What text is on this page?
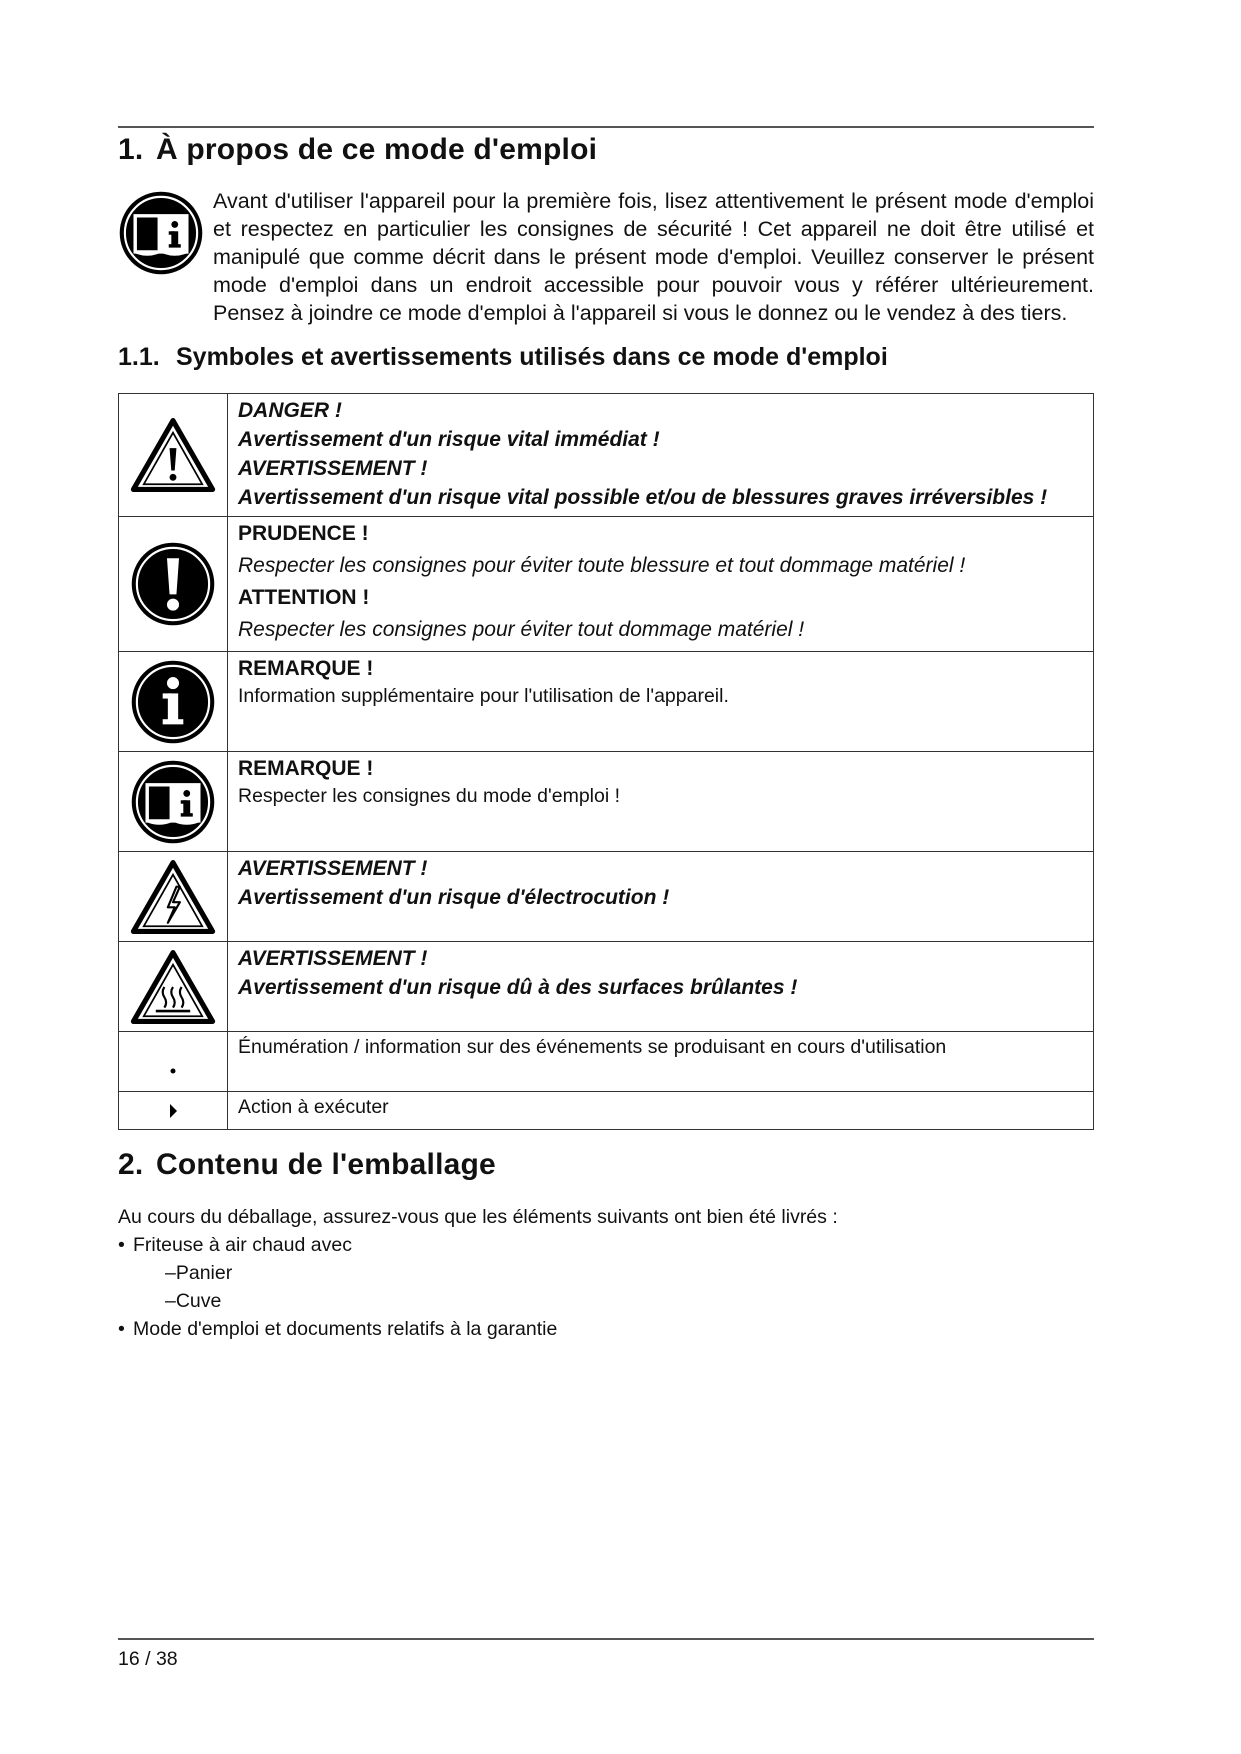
1. À propos de ce mode d'emploi
Avant d'utiliser l'appareil pour la première fois, lisez attentivement le présent mode d'emploi et respectez en particulier les consignes de sécurité ! Cet appareil ne doit être utilisé et manipulé que comme décrit dans le présent mode d'emploi. Veuillez conserver le présent mode d'emploi dans un endroit accessible pour pouvoir vous y référer ultérieurement. Pensez à joindre ce mode d'emploi à l'appareil si vous le donnez ou le vendez à des tiers.
1.1. Symboles et avertissements utilisés dans ce mode d'emploi

DANGER !
Avertissement d'un risque vital immédiat !
AVERTISSEMENT !
Avertissement d'un risque vital possible et/ou de blessures graves irréversibles !

PRUDENCE !
Respecter les consignes pour éviter toute blessure et tout dommage matériel !
ATTENTION !
Respecter les consignes pour éviter tout dommage matériel !

REMARQUE !
Information supplémentaire pour l'utilisation de l'appareil.

REMARQUE !
Respecter les consignes du mode d'emploi !

AVERTISSEMENT !
Avertissement d'un risque d'électrocution !

AVERTISSEMENT !
Avertissement d'un risque dû à des surfaces brûlantes !

Énumération / information sur des événements se produisant en cours d'utilisation

Action à exécuter
2. Contenu de l'emballage
Au cours du déballage, assurez-vous que les éléments suivants ont bien été livrés :
• Friteuse à air chaud avec
–Panier
–Cuve
• Mode d'emploi et documents relatifs à la garantie
16 / 38
